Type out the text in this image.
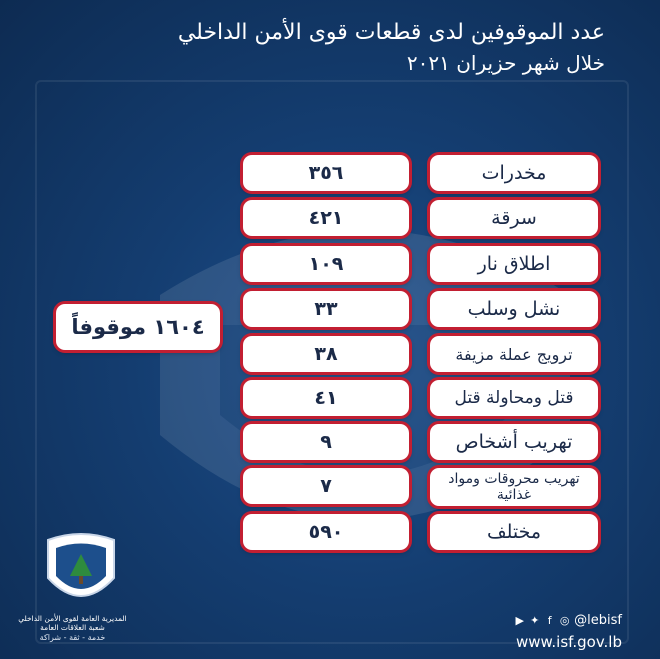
عدد الموقوفين لدى قطعات قوى الأمن الداخلي
خلال شهر حزيران ٢٠٢١
مخدرات
٣٥٦
سرقة
٤٢١
اطلاق نار
١٠٩
نشل وسلب
٣٣
ترويج عملة مزيفة
٣٨
قتل ومحاولة قتل
٤١
تهريب أشخاص
٩
تهريب محروقات ومواد غذائية
٧
مختلف
٥٩٠
١٦٠٤ موقوفاً
المديرية العامة لقوى الأمن الداخلي
شعبة العلاقات العامة
خدمة - ثقة - شراكة
▶ ✦ f ◎ @lebisf
www.isf.gov.lb
